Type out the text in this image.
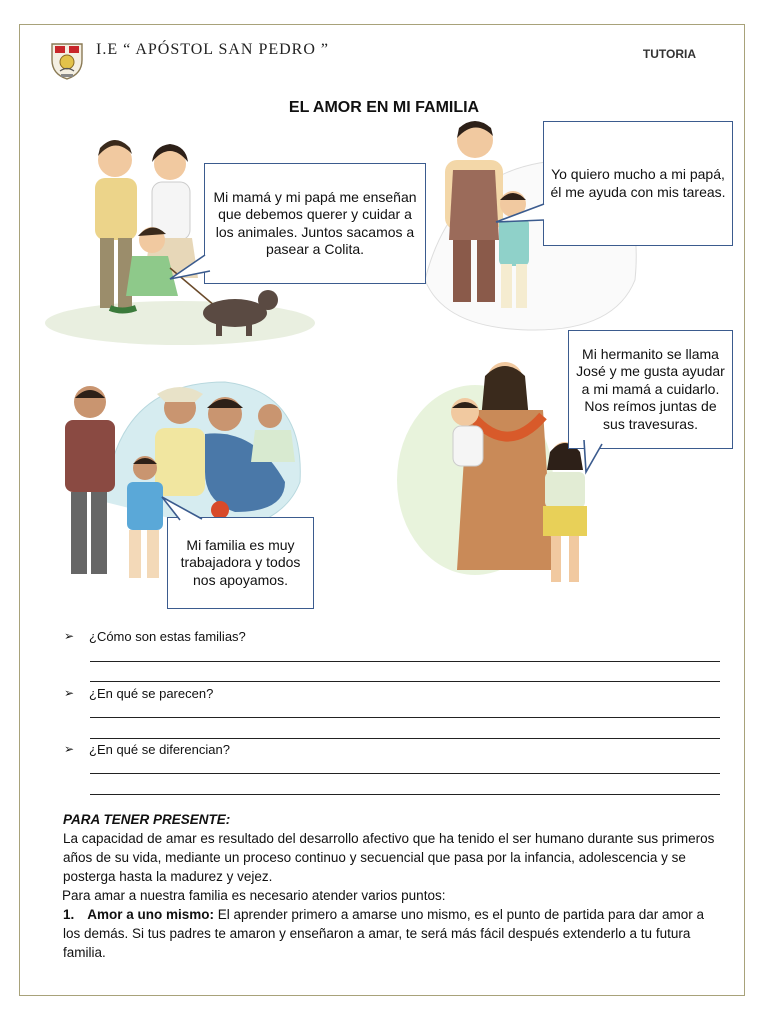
I.E “ APÓSTOL SAN PEDRO ”	TUTORIA
EL AMOR EN MI FAMILIA
Mi mamá y mi papá me enseñan que debemos querer y cuidar a los animales. Juntos sacamos a pasear a Colita.
Yo quiero mucho a mi papá, él me ayuda con mis tareas.
Mi hermanito se llama José y me gusta ayudar a mi mamá a cuidarlo. Nos reímos juntas de sus travesuras.
Mi familia es muy trabajadora y todos nos apoyamos.
➢ ¿Cómo son estas familias?
➢ ¿En qué se parecen?
➢ ¿En qué se diferencian?
PARA TENER PRESENTE:
La capacidad de amar es resultado del desarrollo afectivo que ha tenido el ser humano durante sus primeros años de su vida, mediante un proceso continuo y secuencial que pasa por la infancia, adolescencia y se posterga hasta la madurez y vejez.
Para amar a nuestra familia es necesario atender varios puntos:
1. Amor a uno mismo: El aprender primero a amarse uno mismo, es el punto de partida para dar amor a los demás. Si tus padres te amaron y enseñaron a amar, te será más fácil después extenderlo a tu futura familia.
